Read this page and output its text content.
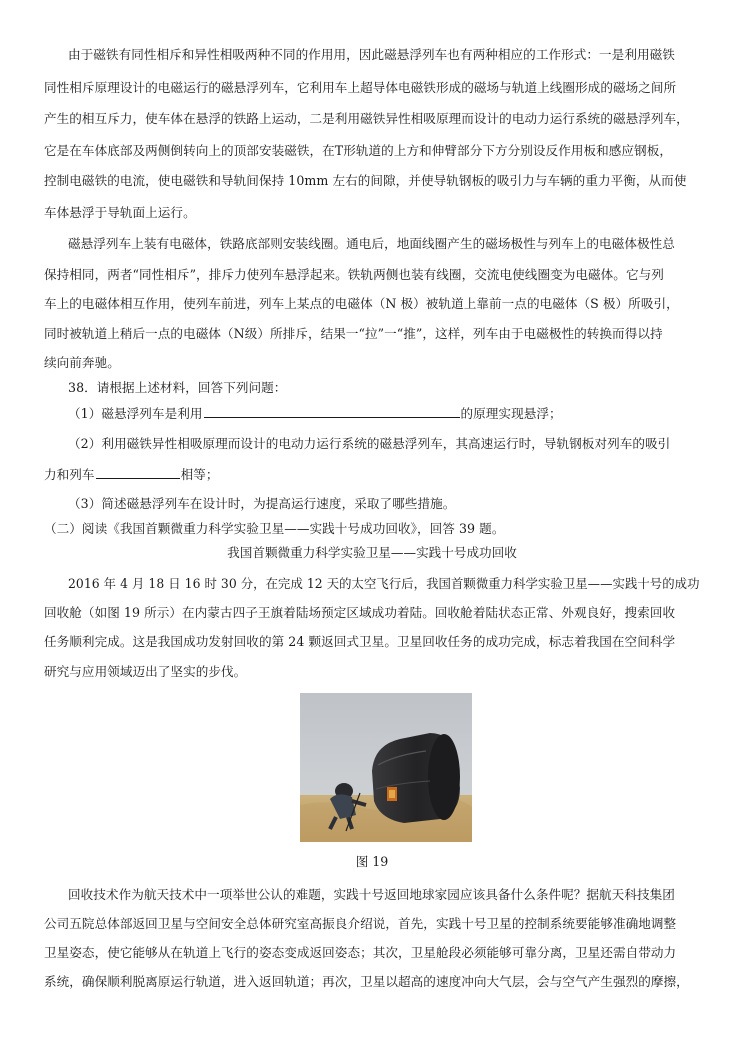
由于磁铁有同性相斥和异性相吸两种不同的作用用，因此磁悬浮列车也有两种相应的工作形式：一是利用磁铁
同性相斥原理设计的电磁运行的磁悬浮列车，它利用车上超导体电磁铁形成的磁场与轨道上线圈形成的磁场之间所
产生的相互斥力，使车体在悬浮的铁路上运动，二是利用磁铁异性相吸原理而设计的电动力运行系统的磁悬浮列车，
它是在车体底部及两侧倒转向上的顶部安装磁铁，在T形轨道的上方和伸臂部分下方分别设反作用板和感应钢板，
控制电磁铁的电流，使电磁铁和导轨间保持 10mm 左右的间隙，并使导轨钢板的吸引力与车辆的重力平衡，从而使
车体悬浮于导轨面上运行。
磁悬浮列车上装有电磁体，铁路底部则安装线圈。通电后，地面线圈产生的磁场极性与列车上的电磁体极性总
保持相同，两者“同性相斥”，排斥力使列车悬浮起来。铁轨两侧也装有线圈，交流电使线圈变为电磁体。它与列
车上的电磁体相互作用，使列车前进，列车上某点的电磁体（N 极）被轨道上靠前一点的电磁体（S 极）所吸引，
同时被轨道上稍后一点的电磁体（N级）所排斥，结果一“拉”一“推”，这样，列车由于电磁极性的转换而得以持
续向前奔驰。
38．请根据上述材料，回答下列问题：
（1）磁悬浮列车是利用	的原理实现悬浮；
（2）利用磁铁异性相吸原理而设计的电动力运行系统的磁悬浮列车，其高速运行时，导轨钢板对列车的吸引
力和列车	相等；
（3）简述磁悬浮列车在设计时，为提高运行速度，采取了哪些措施。
（二）阅读《我国首颗微重力科学实验卫星——实践十号成功回收》，回答 39 题。
我国首颗微重力科学实验卫星——实践十号成功回收
2016 年 4 月 18 日 16 时 30 分，在完成 12 天的太空飞行后，我国首颗微重力科学实验卫星——实践十号的成功
回收舱（如图 19 所示）在内蒙古四子王旗着陆场预定区域成功着陆。回收舱着陆状态正常、外观良好，搜索回收
任务顺利完成。这是我国成功发射回收的第 24 颗返回式卫星。卫星回收任务的成功完成，标志着我国在空间科学
研究与应用领域迈出了坚实的步伐。
图 19
回收技术作为航天技术中一项举世公认的难题，实践十号返回地球家园应该具备什么条件呢？据航天科技集团
公司五院总体部返回卫星与空间安全总体研究室高振良介绍说，首先，实践十号卫星的控制系统要能够准确地调整
卫星姿态，使它能够从在轨道上飞行的姿态变成返回姿态；其次，卫星舱段必须能够可靠分离，卫星还需自带动力
系统，确保顺利脱离原运行轨道，进入返回轨道；再次，卫星以超高的速度冲向大气层，会与空气产生强烈的摩擦，
